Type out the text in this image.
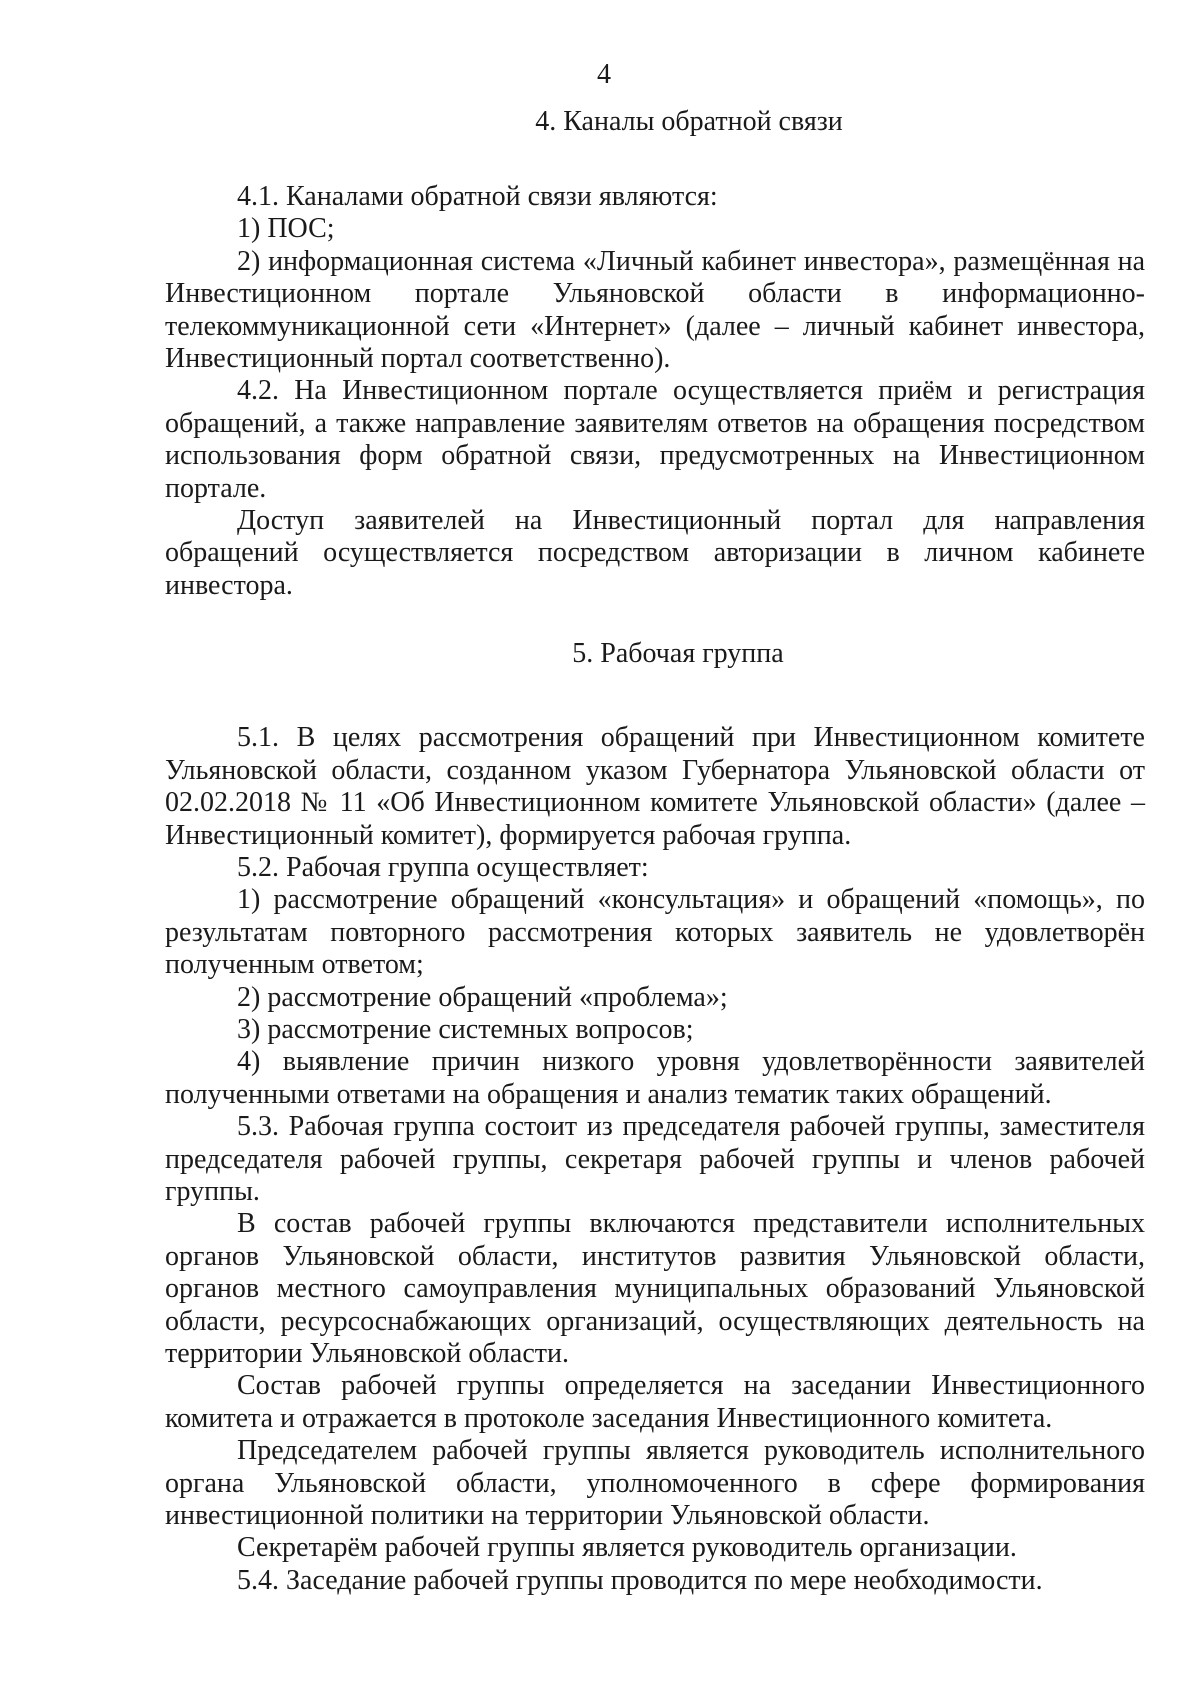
4
4. Каналы обратной связи

4.1. Каналами обратной связи являются:

1) ПОС;

2) информационная система «Личный кабинет инвестора», размещённая на Инвестиционном портале Ульяновской области в информационно-телекоммуникационной сети «Интернет» (далее – личный кабинет инвестора, Инвестиционный портал соответственно).

4.2. На Инвестиционном портале осуществляется приём и регистрация обращений, а также направление заявителям ответов на обращения посредством использования форм обратной связи, предусмотренных на Инвестиционном портале.

Доступ заявителей на Инвестиционный портал для направления обращений осуществляется посредством авторизации в личном кабинете инвестора.

5. Рабочая группа

5.1. В целях рассмотрения обращений при Инвестиционном комитете Ульяновской области, созданном указом Губернатора Ульяновской области от 02.02.2018 № 11 «Об Инвестиционном комитете Ульяновской области» (далее – Инвестиционный комитет), формируется рабочая группа.

5.2. Рабочая группа осуществляет:

1) рассмотрение обращений «консультация» и обращений «помощь», по результатам повторного рассмотрения которых заявитель не удовлетворён полученным ответом;

2) рассмотрение обращений «проблема»;

3) рассмотрение системных вопросов;

4) выявление причин низкого уровня удовлетворённости заявителей полученными ответами на обращения и анализ тематик таких обращений.

5.3. Рабочая группа состоит из председателя рабочей группы, заместителя председателя рабочей группы, секретаря рабочей группы и членов рабочей группы.

В состав рабочей группы включаются представители исполнительных органов Ульяновской области, институтов развития Ульяновской области, органов местного самоуправления муниципальных образований Ульяновской области, ресурсоснабжающих организаций, осуществляющих деятельность на территории Ульяновской области.

Состав рабочей группы определяется на заседании Инвестиционного комитета и отражается в протоколе заседания Инвестиционного комитета.

Председателем рабочей группы является руководитель исполнительного органа Ульяновской области, уполномоченного в сфере формирования инвестиционной политики на территории Ульяновской области.

Секретарём рабочей группы является руководитель организации.

5.4. Заседание рабочей группы проводится по мере необходимости.
